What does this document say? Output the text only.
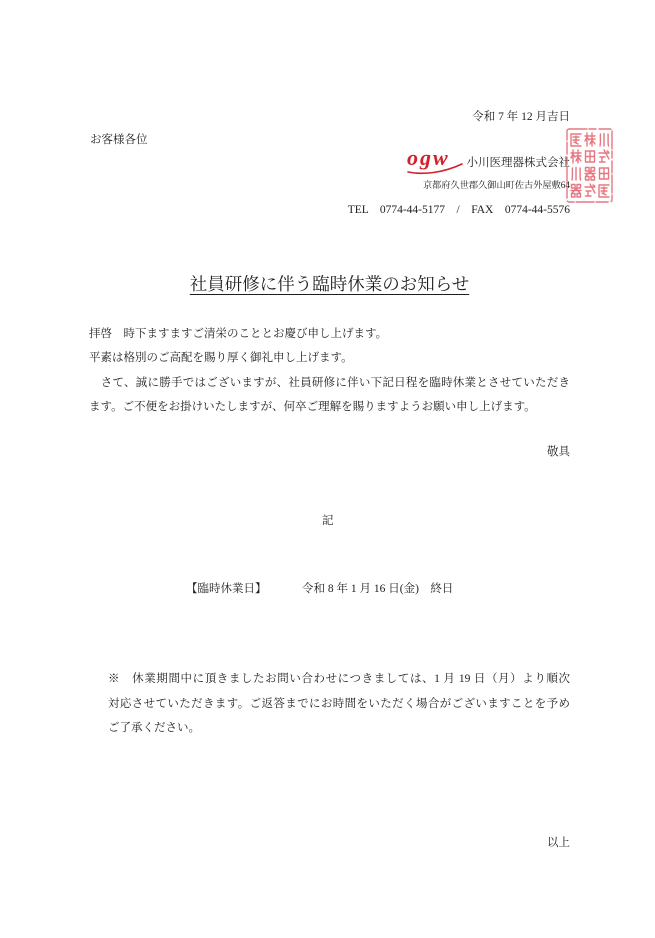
令和 7 年 12 月吉日
お客様各位
ogw 小川医理器株式会社
京都府久世郡久御山町佐古外屋敷64
TEL　0774-44-5177　/　FAX　0774-44-5576
社員研修に伴う臨時休業のお知らせ
拝啓　時下ますますご清栄のこととお慶び申し上げます。
平素は格別のご高配を賜り厚く御礼申し上げます。
　さて、誠に勝手ではございますが、社員研修に伴い下記日程を臨時休業とさせていただき
ます。ご不便をお掛けいたしますが、何卒ご理解を賜りますようお願い申し上げます。
敬具
記
【臨時休業日】	令和 8 年 1 月 16 日(金)　終日
※　休業期間中に頂きましたお問い合わせにつきましては、1 月 19 日（月）より順次
対応させていただきます。ご返答までにお時間をいただく場合がございますことを予め
ご了承ください。
以上
